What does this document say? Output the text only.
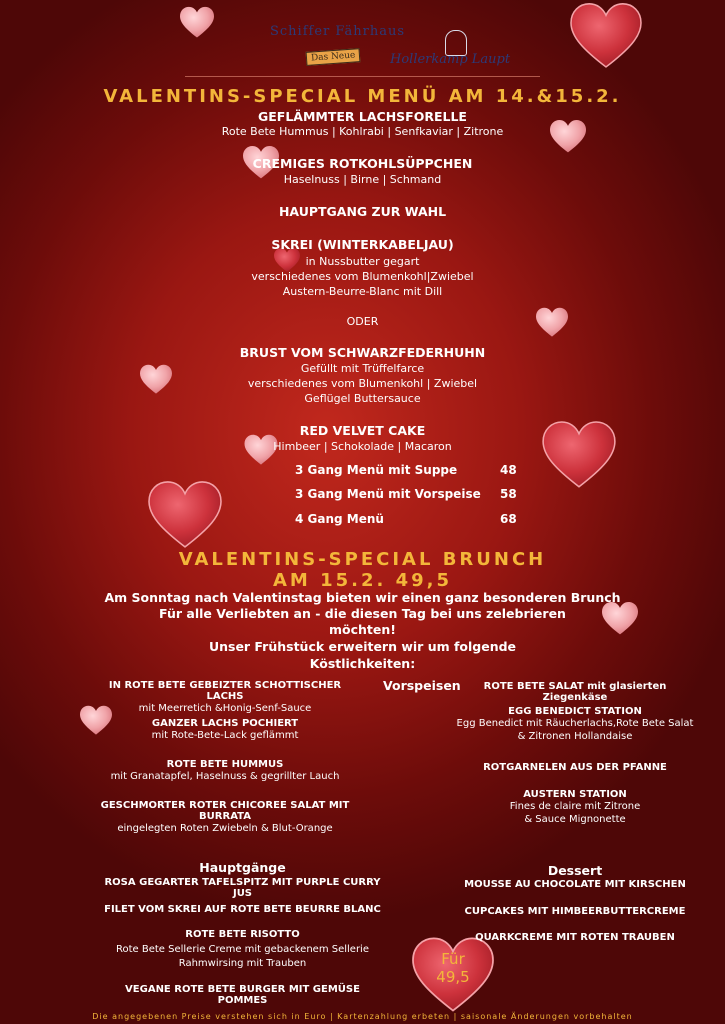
Schiffer Fährhaus
Das Neue	Hollerkamp Laupt
VALENTINS-SPECIAL MENÜ AM 14.&15.2.
GEFLÄMMTER LACHSFORELLE
Rote Bete Hummus | Kohlrabi | Senfkaviar | Zitrone
CREMIGES ROTKOHLSÜPPCHEN
Haselnuss | Birne | Schmand
HAUPTGANG ZUR WAHL
SKREI (WINTERKABELJAU)
in Nussbutter gegart
verschiedenes vom Blumenkohl|Zwiebel
Austern-Beurre-Blanc mit Dill
ODER
BRUST VOM SCHWARZFEDERHUHN
Gefüllt mit Trüffelfarce
verschiedenes vom Blumenkohl | Zwiebel
Geflügel Buttersauce
RED VELVET CAKE
Himbeer | Schokolade | Macaron
3 Gang Menü mit Suppe	48
3 Gang Menü mit Vorspeise 58
4 Gang Menü	68
VALENTINS-SPECIAL BRUNCH
AM 15.2. 49,5
Am Sonntag nach Valentinstag bieten wir einen ganz besonderen Brunch
Für alle Verliebten an - die diesen Tag bei uns zelebrieren
möchten!
Unser Frühstück erweitern wir um folgende
Köstlichkeiten:
Vorspeisen
IN ROTE BETE GEBEIZTER SCHOTTISCHER LACHS
mit Meerretich &Honig-Senf-Sauce
GANZER LACHS POCHIERT
mit Rote-Bete-Lack geflämmt
ROTE BETE HUMMUS
mit Granatapfel, Haselnuss & gegrillter Lauch
GESCHMORTER ROTER CHICOREE SALAT MIT BURRATA
eingelegten Roten Zwiebeln & Blut-Orange
ROTE BETE SALAT mit glasierten Ziegenkäse
EGG BENEDICT STATION
Egg Benedict mit Räucherlachs,Rote Bete Salat
& Zitronen Hollandaise
ROTGARNELEN AUS DER PFANNE
AUSTERN STATION
Fines de claire mit Zitrone
& Sauce Mignonette
Hauptgänge
ROSA GEGARTER TAFELSPITZ MIT PURPLE CURRY JUS
FILET VOM SKREI AUF ROTE BETE BEURRE BLANC
ROTE BETE RISOTTO
Rote Bete Sellerie Creme mit gebackenem Sellerie
Rahmwirsing mit Trauben
VEGANE ROTE BETE BURGER MIT GEMÜSE POMMES
Dessert
MOUSSE AU CHOCOLATE MIT KIRSCHEN
CUPCAKES MIT HIMBEERBUTTERCREME
QUARKCREME MIT ROTEN TRAUBEN
Für
49,5
Die angegebenen Preise verstehen sich in Euro | Kartenzahlung erbeten | saisonale Änderungen vorbehalten
